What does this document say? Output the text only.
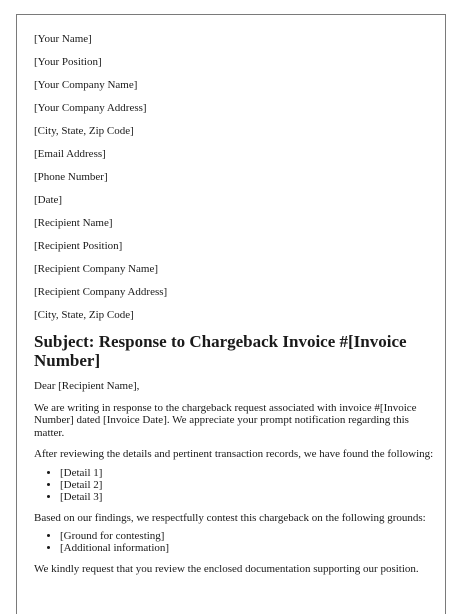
[Your Name]
[Your Position]
[Your Company Name]
[Your Company Address]
[City, State, Zip Code]
[Email Address]
[Phone Number]
[Date]
[Recipient Name]
[Recipient Position]
[Recipient Company Name]
[Recipient Company Address]
[City, State, Zip Code]
Subject: Response to Chargeback Invoice #[Invoice Number]
Dear [Recipient Name],
We are writing in response to the chargeback request associated with invoice #[Invoice Number] dated [Invoice Date]. We appreciate your prompt notification regarding this matter.
After reviewing the details and pertinent transaction records, we have found the following:
• [Detail 1]
• [Detail 2]
• [Detail 3]
Based on our findings, we respectfully contest this chargeback on the following grounds:
• [Ground for contesting]
• [Additional information]
We kindly request that you review the enclosed documentation supporting our position.
